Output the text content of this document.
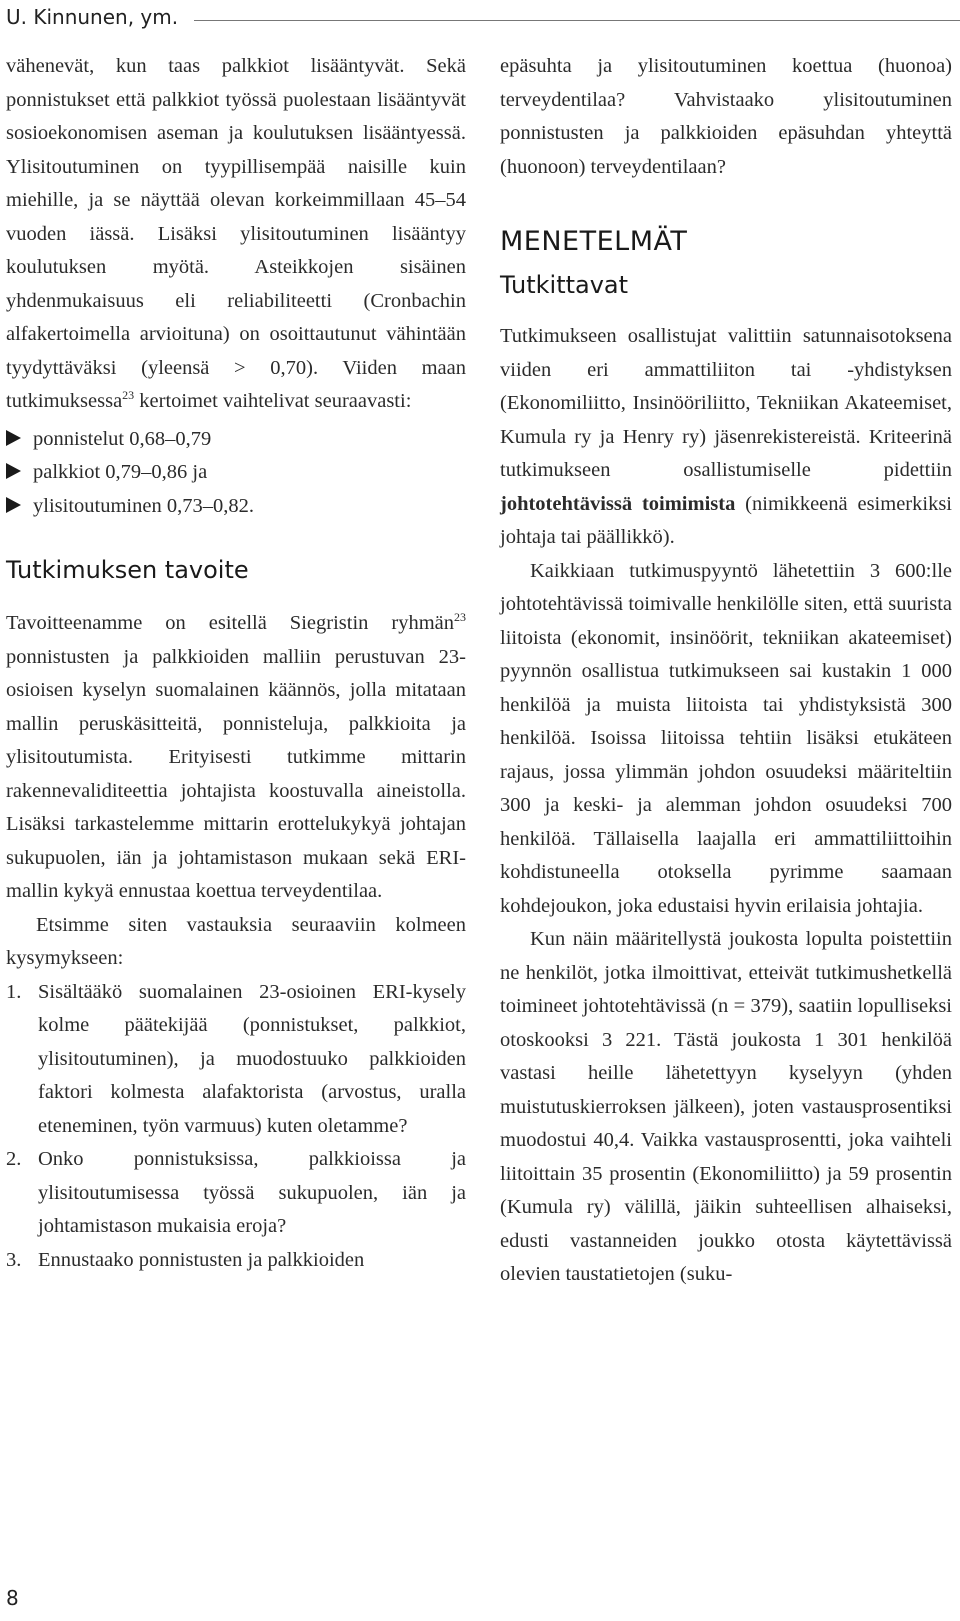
U. Kinnunen, ym.

vähenevät, kun taas palkkiot lisääntyvät. Sekä ponnistukset että palkkiot työssä puolestaan lisääntyvät sosioekonomisen aseman ja koulutuksen lisääntyessä. Ylisitoutuminen on tyypillisempää naisille kuin miehille, ja se näyttää olevan korkeimmillaan 45–54 vuoden iässä. Lisäksi ylisitoutuminen lisääntyy koulutuksen myötä. Asteikkojen sisäinen yhdenmukaisuus eli reliabiliteetti (Cronbachin alfakertoimella arvioituna) on osoittautunut vähintään tyydyttäväksi (yleensä > 0,70). Viiden maan tutkimuksessa$^{23}$ kertoimet vaihtelivat seuraavasti:

ponnistelut 0,68–0,79
palkkiot 0,79–0,86 ja
ylisitoutuminen 0,73–0,82.
Tutkimuksen tavoite

Tavoitteenamme on esitellä Siegristin ryhmän$^{23}$ ponnistusten ja palkkioiden malliin perustuvan 23-osioisen kyselyn suomalainen käännös, jolla mitataan mallin peruskäsitteitä, ponnisteluja, palkkioita ja ylisitoutumista. Erityisesti tutkimme mittarin rakennevaliditeettia johtajista koostuvalla aineistolla. Lisäksi tarkastelemme mittarin erottelukykyä johtajan sukupuolen, iän ja johtamistason mukaan sekä ERI-mallin kykyä ennustaa koettua terveydentilaa.

Etsimme siten vastauksia seuraaviin kolmeen kysymykseen:

1. Sisältääkö suomalainen 23-osioinen ERI-kysely kolme päätekijää (ponnistukset, palkkiot, ylisitoutuminen), ja muodostuuko palkkioiden faktori kolmesta alafaktorista (arvostus, uralla eteneminen, työn varmuus) kuten oletamme?
2. Onko ponnistuksissa, palkkioissa ja ylisitoutumisessa työssä sukupuolen, iän ja johtamistason mukaisia eroja?
3. Ennustaako ponnistusten ja palkkioiden

epäsuhta ja ylisitoutuminen koettua (huonoa) terveydentilaa? Vahvistaako ylisitoutuminen ponnistusten ja palkkioiden epäsuhdan yhteyttä (huonoon) terveydentilaan?

MENETELMÄT
Tutkittavat

Tutkimukseen osallistujat valittiin satunnaisotoksena viiden eri ammattiliiton tai -yhdistyksen (Ekonomiliitto, Insinööriliitto, Tekniikan Akateemiset, Kumula ry ja Henry ry) jäsenrekistereistä. Kriteerinä tutkimukseen osallistumiselle pidettiin johtotehtävissä toimimista (nimikkeenä esimerkiksi johtaja tai päällikkö).

Kaikkiaan tutkimuspyyntö lähetettiin 3 600:lle johtotehtävissä toimivalle henkilölle siten, että suurista liitoista (ekonomit, insinöörit, tekniikan akateemiset) pyynnön osallistua tutkimukseen sai kustakin 1 000 henkilöä ja muista liitoista tai yhdistyksistä 300 henkilöä. Isoissa liitoissa tehtiin lisäksi etukäteen rajaus, jossa ylimmän johdon osuudeksi määriteltiin 300 ja keski- ja alemman johdon osuudeksi 700 henkilöä. Tällaisella laajalla eri ammattiliittoihin kohdistuneella otoksella pyrimme saamaan kohdejoukon, joka edustaisi hyvin erilaisia johtajia.

Kun näin määritellystä joukosta lopulta poistettiin ne henkilöt, jotka ilmoittivat, etteivät tutkimushetkellä toimineet johtotehtävissä (n = 379), saatiin lopulliseksi otoskooksi 3 221. Tästä joukosta 1 301 henkilöä vastasi heille lähetettyyn kyselyyn (yhden muistutuskierroksen jälkeen), joten vastausprosentiksi muodostui 40,4. Vaikka vastausprosentti, joka vaihteli liitoittain 35 prosentin (Ekonomiliitto) ja 59 prosentin (Kumula ry) välillä, jäikin suhteellisen alhaiseksi, edusti vastanneiden joukko otosta käytettävissä olevien taustatietojen (suku-

8
